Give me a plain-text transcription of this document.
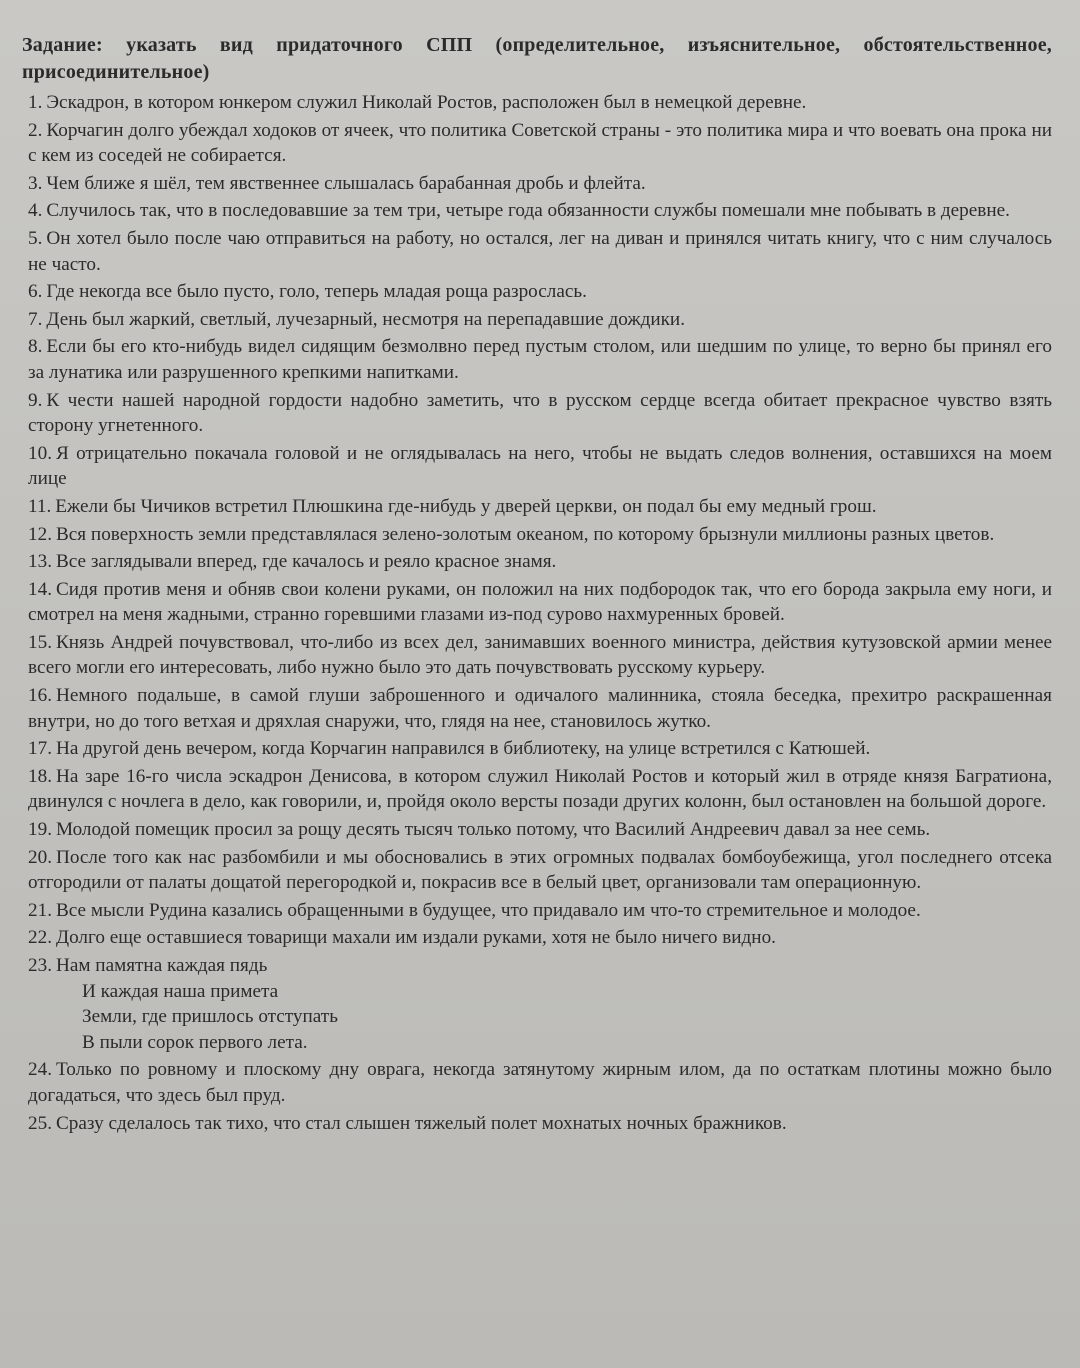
Задание: указать вид придаточного СПП (определительное, изъяснительное, обстоятельственное, присоединительное)
1. Эскадрон, в котором юнкером служил Николай Ростов, расположен был в немецкой деревне.
2. Корчагин долго убеждал ходоков от ячеек, что политика Советской страны - это политика мира и что воевать она прока ни с кем из соседей не собирается.
3. Чем ближе я шёл, тем явственнее слышалась барабанная дробь и флейта.
4. Случилось так, что в последовавшие за тем три, четыре года обязанности службы помешали мне побывать в деревне.
5. Он хотел было после чаю отправиться на работу, но остался, лег на диван и принялся читать книгу, что с ним случалось не часто.
6. Где некогда все было пусто, голо, теперь младая роща разрослась.
7. День был жаркий, светлый, лучезарный, несмотря на перепадавшие дождики.
8. Если бы его кто-нибудь видел сидящим безмолвно перед пустым столом, или шедшим по улице, то верно бы принял его за лунатика или разрушенного крепкими напитками.
9. К чести нашей народной гордости надобно заметить, что в русском сердце всегда обитает прекрасное чувство взять сторону угнетенного.
10. Я отрицательно покачала головой и не оглядывалась на него, чтобы не выдать следов волнения, оставшихся на моем лице
11. Ежели бы Чичиков встретил Плюшкина где-нибудь у дверей церкви, он подал бы ему медный грош.
12. Вся поверхность земли представлялася зелено-золотым океаном, по которому брызнули миллионы разных цветов.
13. Все заглядывали вперед, где качалось и реяло красное знамя.
14. Сидя против меня и обняв свои колени руками, он положил на них подбородок так, что его борода закрыла ему ноги, и смотрел на меня жадными, странно горевшими глазами из-под сурово нахмуренных бровей.
15. Князь Андрей почувствовал, что-либо из всех дел, занимавших военного министра, действия кутузовской армии менее всего могли его интересовать, либо нужно было это дать почувствовать русскому курьеру.
16. Немного подальше, в самой глуши заброшенного и одичалого малинника, стояла беседка, прехитро раскрашенная внутри, но до того ветхая и дряхлая снаружи, что, глядя на нее, становилось жутко.
17. На другой день вечером, когда Корчагин направился в библиотеку, на улице встретился с Катюшей.
18. На заре 16-го числа эскадрон Денисова, в котором служил Николай Ростов и который жил в отряде князя Багратиона, двинулся с ночлега в дело, как говорили, и, пройдя около версты позади других колонн, был остановлен на большой дороге.
19. Молодой помещик просил за рощу десять тысяч только потому, что Василий Андреевич давал за нее семь.
20. После того как нас разбомбили и мы обосновались в этих огромных подвалах бомбоубежища, угол последнего отсека отгородили от палаты дощатой перегородкой и, покрасив все в белый цвет, организовали там операционную.
21. Все мысли Рудина казались обращенными в будущее, что придавало им что-то стремительное и молодое.
22. Долго еще оставшиеся товарищи махали им издали руками, хотя не было ничего видно.
23. Нам памятна каждая пядь
И каждая наша примета
Земли, где пришлось отступать
В пыли сорок первого лета.
24. Только по ровному и плоскому дну оврага, некогда затянутому жирным илом, да по остаткам плотины можно было догадаться, что здесь был пруд.
25. Сразу сделалось так тихо, что стал слышен тяжелый полет мохнатых ночных бражников.
